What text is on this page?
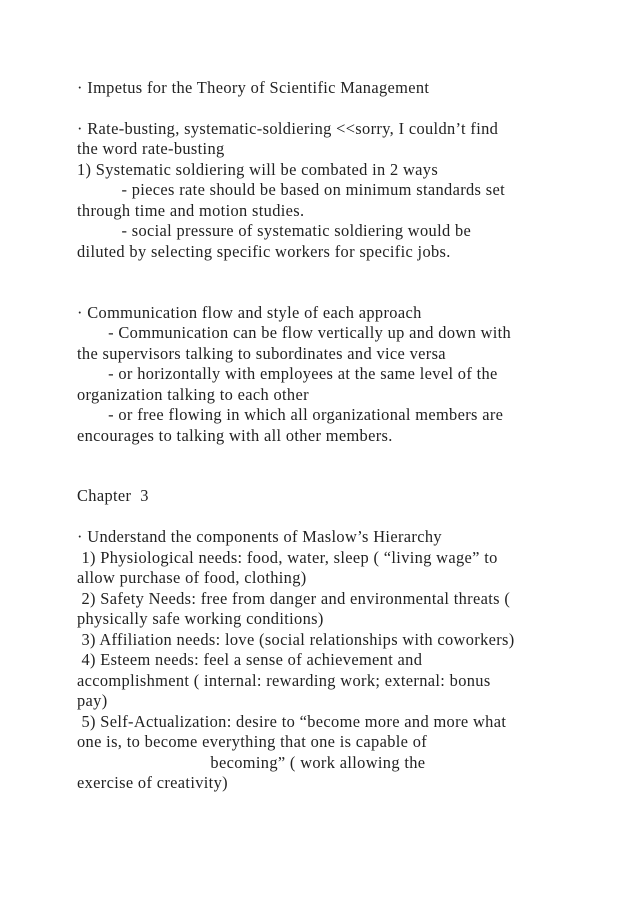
· Impetus for the Theory of Scientific Management

· Rate-busting, systematic-soldiering <<sorry, I couldn’t find

the word rate-busting

1) Systematic soldiering will be combated in 2 ways

- pieces rate should be based on minimum standards set

through time and motion studies.

- social pressure of systematic soldiering would be

diluted by selecting specific workers for specific jobs.

· Communication flow and style of each approach

- Communication can be flow vertically up and down with

the supervisors talking to subordinates and vice versa

- or horizontally with employees at the same level of the

organization talking to each other

- or free flowing in which all organizational members are

encourages to talking with all other members.

Chapter  3

· Understand the components of Maslow’s Hierarchy

1) Physiological needs: food, water, sleep ( “living wage” to

allow purchase of food, clothing)

2) Safety Needs: free from danger and environmental threats (

physically safe working conditions)

3) Affiliation needs: love (social relationships with coworkers)

4) Esteem needs: feel a sense of achievement and

accomplishment ( internal: rewarding work; external: bonus

pay)

5) Self-Actualization: desire to “become more and more what

one is, to become everything that one is capable of

becoming” ( work allowing the

exercise of creativity)
